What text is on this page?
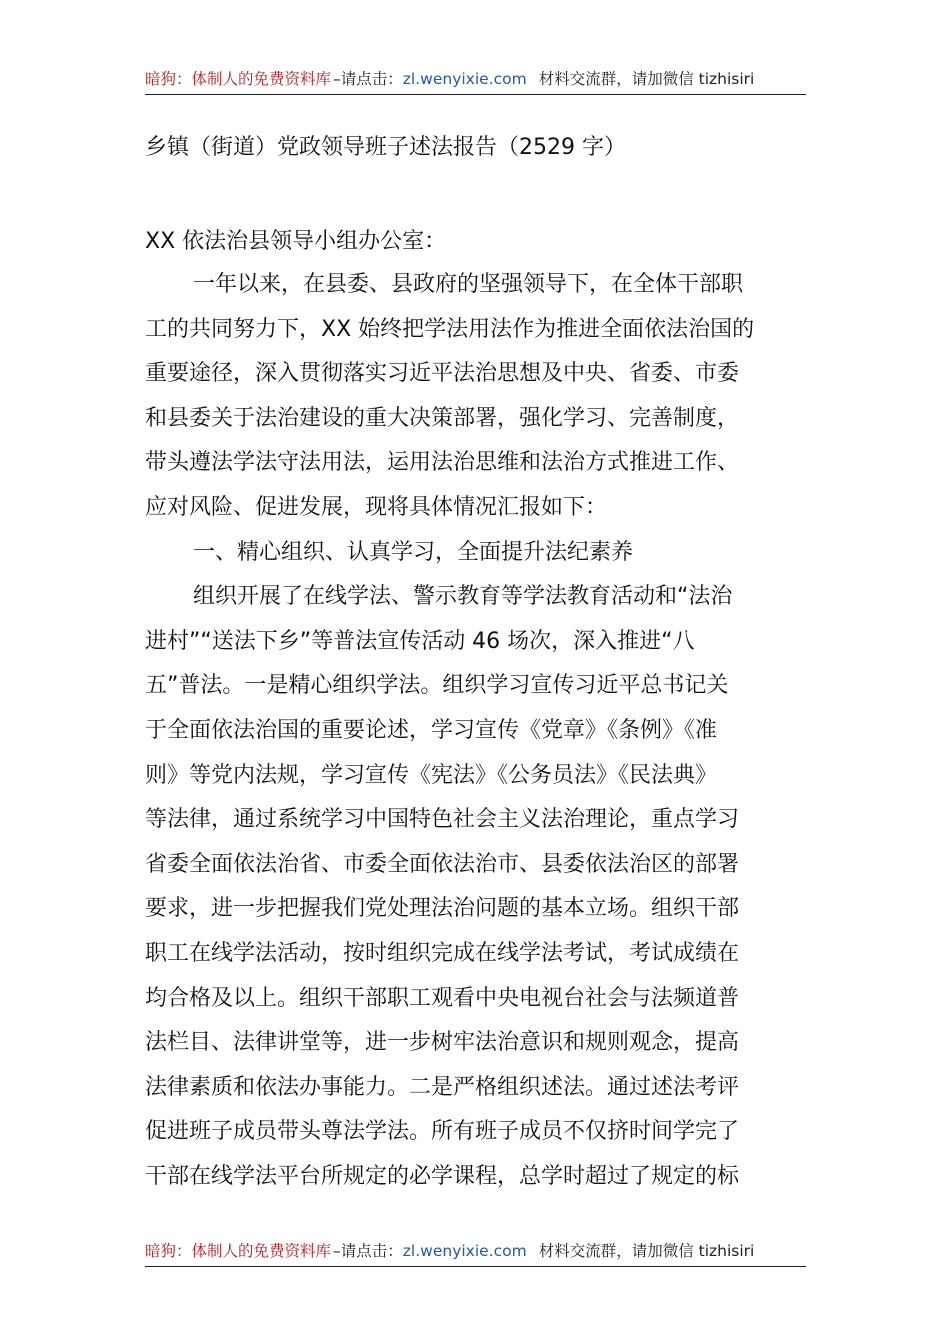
暗狗：体制人的免费资料库 –请点击：zl.wenyixie.com 材料交流群，请加微信 tizhisiri
乡镇（街道）党政领导班子述法报告（2529 字）
XX 依法治县领导小组办公室：
一年以来，在县委、县政府的坚强领导下，在全体干部职
工的共同努力下，XX 始终把学法用法作为推进全面依法治国的
重要途径，深入贯彻落实习近平法治思想及中央、省委、市委
和县委关于法治建设的重大决策部署，强化学习、完善制度，
带头遵法学法守法用法，运用法治思维和法治方式推进工作、
应对风险、促进发展，现将具体情况汇报如下：
一、精心组织、认真学习，全面提升法纪素养
组织开展了在线学法、警示教育等学法教育活动和“法治
进村”“送法下乡”等普法宣传活动 46 场次，深入推进“八
五”普法。一是精心组织学法。组织学习宣传习近平总书记关
于全面依法治国的重要论述，学习宣传《党章》《条例》《准
则》等党内法规，学习宣传《宪法》《公务员法》《民法典》
等法律，通过系统学习中国特色社会主义法治理论，重点学习
省委全面依法治省、市委全面依法治市、县委依法治区的部署
要求，进一步把握我们党处理法治问题的基本立场。组织干部
职工在线学法活动，按时组织完成在线学法考试，考试成绩在
均合格及以上。组织干部职工观看中央电视台社会与法频道普
法栏目、法律讲堂等，进一步树牢法治意识和规则观念，提高
法律素质和依法办事能力。二是严格组织述法。通过述法考评
促进班子成员带头尊法学法。所有班子成员不仅挤时间学完了
干部在线学法平台所规定的必学课程，总学时超过了规定的标
暗狗：体制人的免费资料库 –请点击：zl.wenyixie.com 材料交流群，请加微信 tizhisiri
